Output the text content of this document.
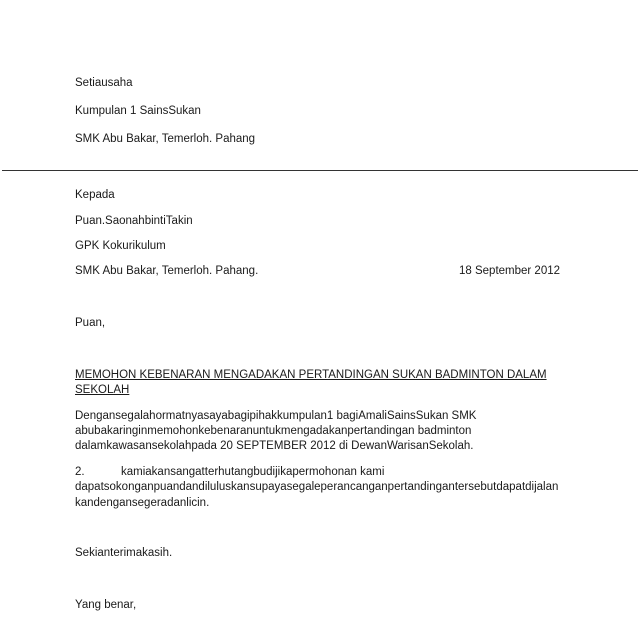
Setiausaha
Kumpulan 1 SainsSukan
SMK Abu Bakar, Temerloh. Pahang
Kepada
Puan.SaonahbintiTakin
GPK Kokurikulum
SMK Abu Bakar, Temerloh. Pahang.	18 September 2012
Puan,
MEMOHON KEBENARAN MENGADAKAN PERTANDINGAN SUKAN BADMINTON DALAM
SEKOLAH
Dengansegalahormatnyasayabagipihakkumpulan1 bagiAmaliSainsSukan SMK
abubakaringinmemohonkebenaranuntukmengadakanpertandingan badminton
dalamkawasansekolahpada 20 SEPTEMBER 2012 di DewanWarisanSekolah.
2.	kamiakansangatterhutangbudijikapermohonan kami
dapatsokonganpuandandiluluskansupayasegaleperancanganpertandingantersebutdapatdijalan
kandengansegeradanlicin.
Sekianterimakasih.
Yang benar,
